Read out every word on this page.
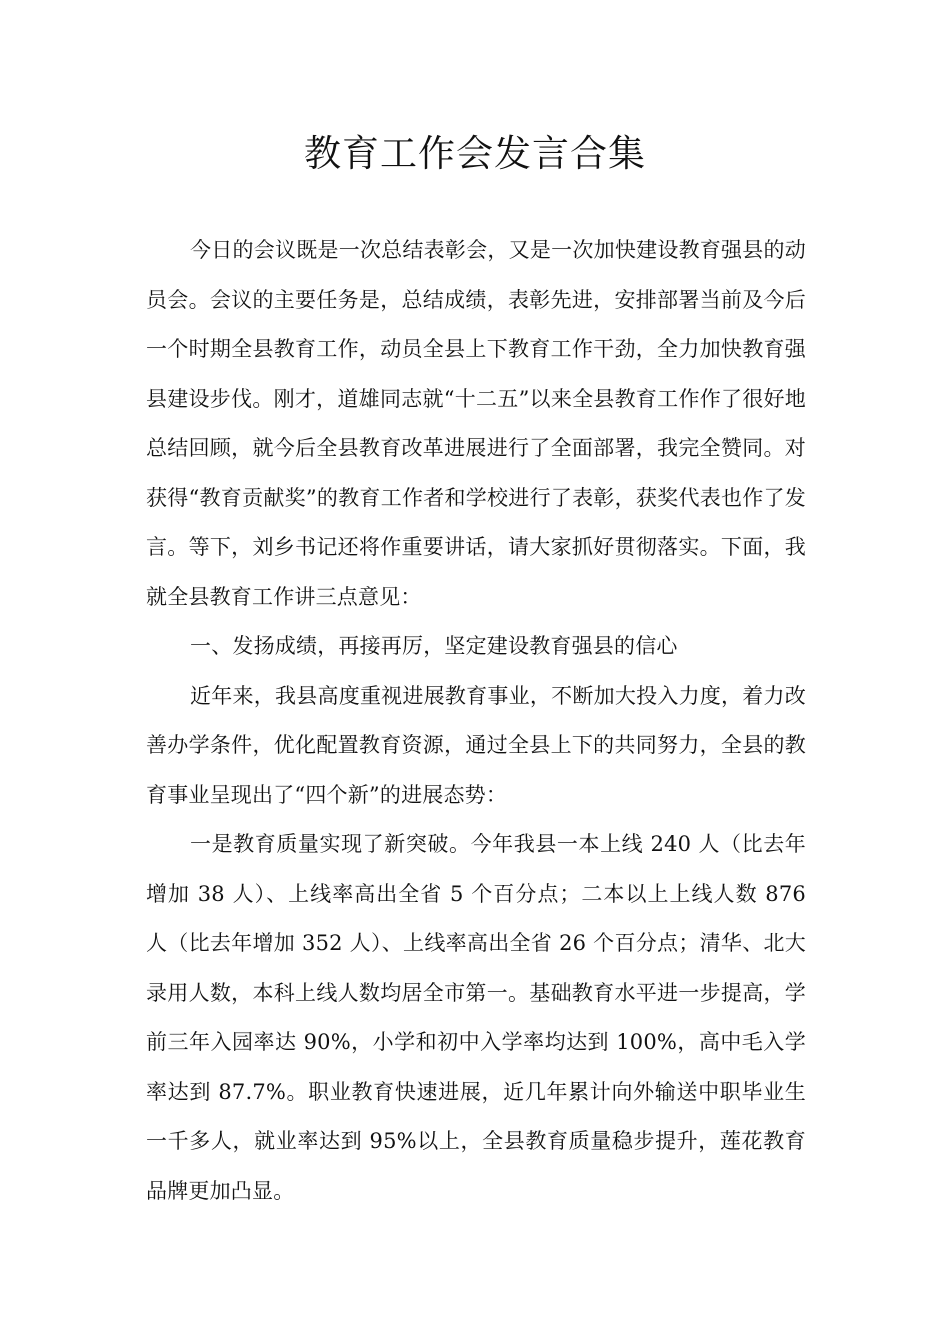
教育工作会发言合集

今日的会议既是一次总结表彰会，又是一次加快建设教育强县的动员会。会议的主要任务是，总结成绩，表彰先进，安排部署当前及今后一个时期全县教育工作，动员全县上下教育工作干劲，全力加快教育强县建设步伐。刚才，道雄同志就“十二五”以来全县教育工作作了很好地总结回顾，就今后全县教育改革进展进行了全面部署，我完全赞同。对获得“教育贡献奖”的教育工作者和学校进行了表彰，获奖代表也作了发言。等下，刘乡书记还将作重要讲话，请大家抓好贯彻落实。下面，我就全县教育工作讲三点意见：

一、发扬成绩，再接再厉，坚定建设教育强县的信心

近年来，我县高度重视进展教育事业，不断加大投入力度，着力改善办学条件，优化配置教育资源，通过全县上下的共同努力，全县的教育事业呈现出了“四个新”的进展态势：

一是教育质量实现了新突破。今年我县一本上线 240 人（比去年增加 38 人）、上线率高出全省 5 个百分点；二本以上上线人数 876 人（比去年增加 352 人）、上线率高出全省 26 个百分点；清华、北大录用人数，本科上线人数均居全市第一。基础教育水平进一步提高，学前三年入园率达 90%，小学和初中入学率均达到 100%，高中毛入学率达到 87.7%。职业教育快速进展，近几年累计向外输送中职毕业生一千多人，就业率达到 95%以上，全县教育质量稳步提升，莲花教育品牌更加凸显。
